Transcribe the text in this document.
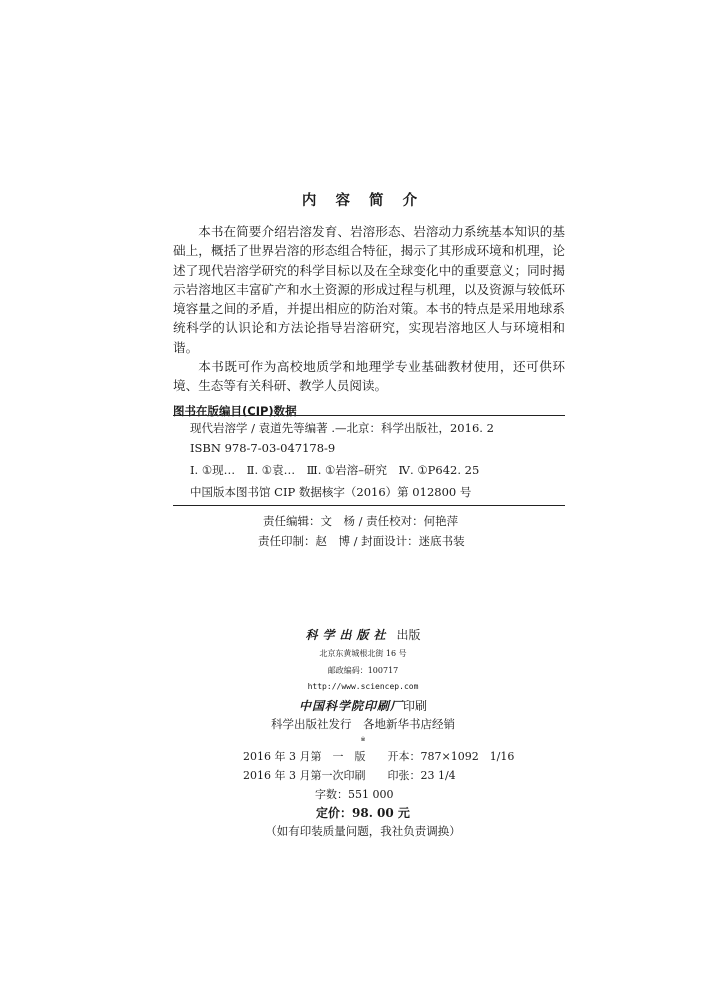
内 容 简 介

本书在简要介绍岩溶发育、岩溶形态、岩溶动力系统基本知识的基础上，概括了世界岩溶的形态组合特征，揭示了其形成环境和机理，论述了现代岩溶学研究的科学目标以及在全球变化中的重要意义；同时揭示岩溶地区丰富矿产和水土资源的形成过程与机理，以及资源与较低环境容量之间的矛盾，并提出相应的防治对策。本书的特点是采用地球系统科学的认识论和方法论指导岩溶研究，实现岩溶地区人与环境相和谐。

本书既可作为高校地质学和地理学专业基础教材使用，还可供环境、生态等有关科研、教学人员阅读。

图书在版编目(CIP)数据
现代岩溶学 / 袁道先等编著 .—北京：科学出版社，2016. 2
ISBN 978-7-03-047178-9
Ⅰ. ①现…　Ⅱ. ①袁…　Ⅲ. ①岩溶–研究　Ⅳ. ①P642. 25
中国版本图书馆 CIP 数据核字（2016）第 012800 号
责任编辑：文　杨 / 责任校对：何艳萍
责任印制：赵　博 / 封面设计：迷底书装
科学出版社 出版
北京东黄城根北街 16 号
邮政编码：100717
http://www.sciencep.com
中国科学院印刷厂印刷
科学出版社发行　各地新华书店经销
※
2016 年 3 月第　一　版　　开本：787×1092　1/16
2016 年 3 月第一次印刷　　印张：23 1/4
字数：551 000
定价：98. 00 元
（如有印装质量问题，我社负责调换）
